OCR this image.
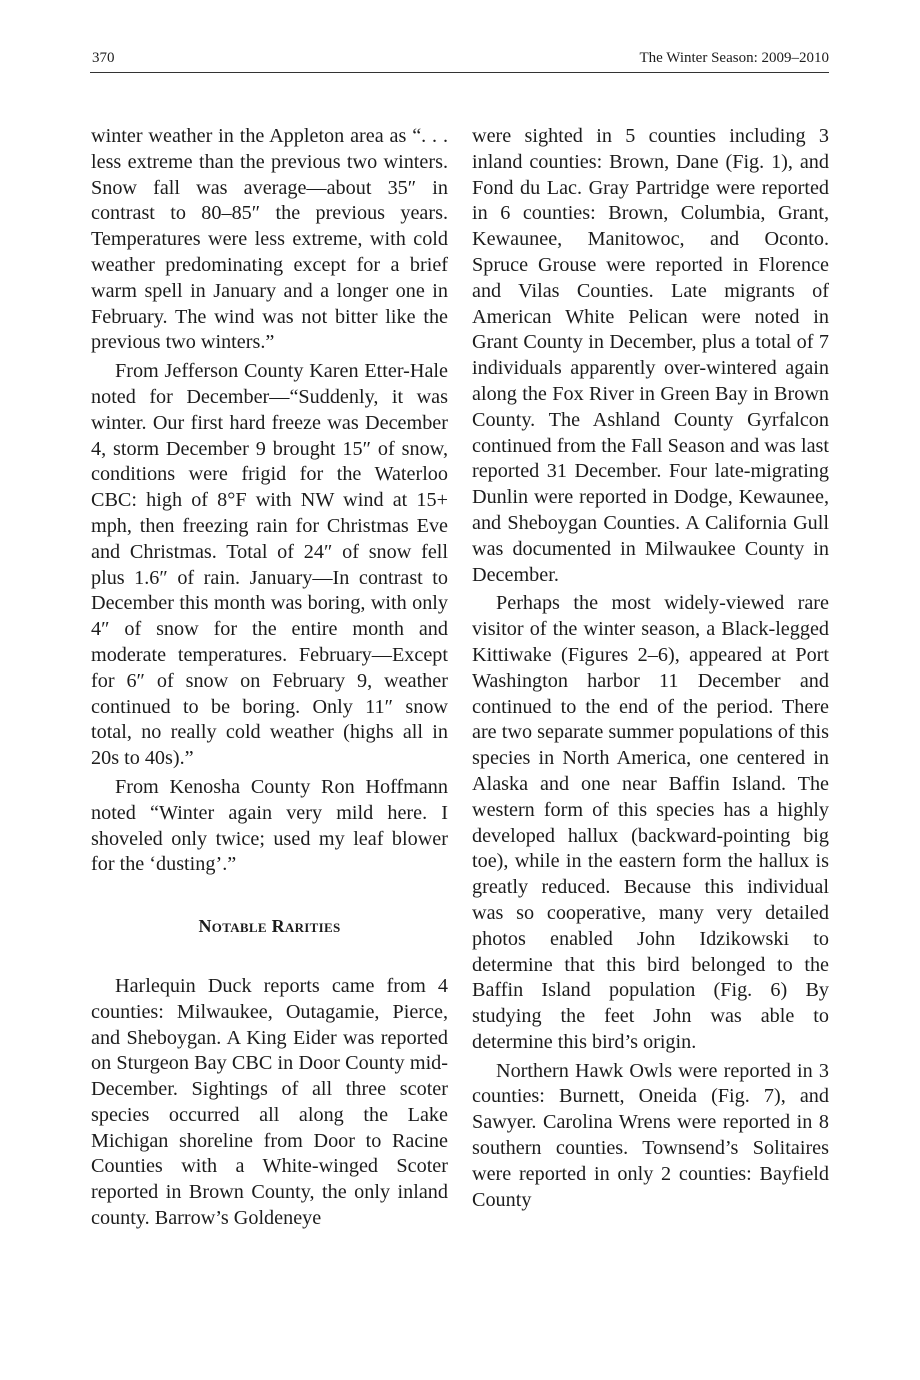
370	The Winter Season: 2009–2010

winter weather in the Appleton area as “. . . less extreme than the previous two winters. Snow fall was average—about 35″ in contrast to 80–85″ the previous years. Temperatures were less extreme, with cold weather predominating except for a brief warm spell in January and a longer one in February. The wind was not bitter like the previous two winters.”

From Jefferson County Karen Etter-Hale noted for December—“Suddenly, it was winter. Our first hard freeze was December 4, storm December 9 brought 15″ of snow, conditions were frigid for the Waterloo CBC: high of 8°F with NW wind at 15+ mph, then freezing rain for Christmas Eve and Christmas. Total of 24″ of snow fell plus 1.6″ of rain. January—In contrast to December this month was boring, with only 4″ of snow for the entire month and moderate temperatures. February—Except for 6″ of snow on February 9, weather continued to be boring. Only 11″ snow total, no really cold weather (highs all in 20s to 40s).”

From Kenosha County Ron Hoffmann noted “Winter again very mild here. I shoveled only twice; used my leaf blower for the ‘dusting’.”

Notable Rarities

Harlequin Duck reports came from 4 counties: Milwaukee, Outagamie, Pierce, and Sheboygan. A King Eider was reported on Sturgeon Bay CBC in Door County mid-December. Sightings of all three scoter species occurred all along the Lake Michigan shoreline from Door to Racine Counties with a White-winged Scoter reported in Brown County, the only inland county. Barrow’s Goldeneye

were sighted in 5 counties including 3 inland counties: Brown, Dane (Fig. 1), and Fond du Lac. Gray Partridge were reported in 6 counties: Brown, Columbia, Grant, Kewaunee, Manitowoc, and Oconto. Spruce Grouse were reported in Florence and Vilas Counties. Late migrants of American White Pelican were noted in Grant County in December, plus a total of 7 individuals apparently over-wintered again along the Fox River in Green Bay in Brown County. The Ashland County Gyrfalcon continued from the Fall Season and was last reported 31 December. Four late-migrating Dunlin were reported in Dodge, Kewaunee, and Sheboygan Counties. A California Gull was documented in Milwaukee County in December.

Perhaps the most widely-viewed rare visitor of the winter season, a Black-legged Kittiwake (Figures 2–6), appeared at Port Washington harbor 11 December and continued to the end of the period. There are two separate summer populations of this species in North America, one centered in Alaska and one near Baffin Island. The western form of this species has a highly developed hallux (backward-pointing big toe), while in the eastern form the hallux is greatly reduced. Because this individual was so cooperative, many very detailed photos enabled John Idzikowski to determine that this bird belonged to the Baffin Island population (Fig. 6) By studying the feet John was able to determine this bird’s origin.

Northern Hawk Owls were reported in 3 counties: Burnett, Oneida (Fig. 7), and Sawyer. Carolina Wrens were reported in 8 southern counties. Townsend’s Solitaires were reported in only 2 counties: Bayfield County
